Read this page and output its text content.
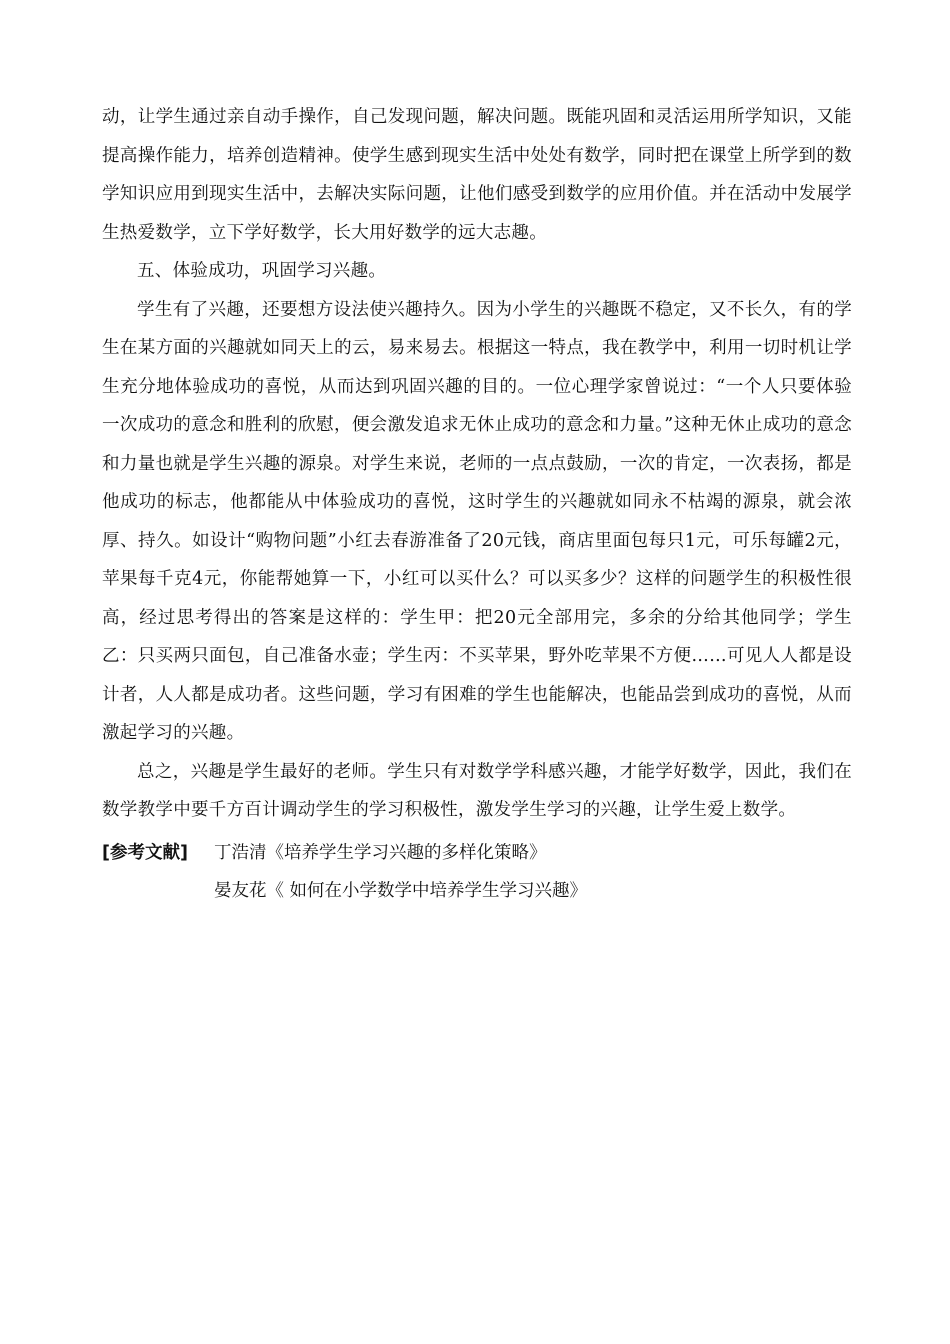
动，让学生通过亲自动手操作，自己发现问题，解决问题。既能巩固和灵活运用所学知识，又能提高操作能力，培养创造精神。使学生感到现实生活中处处有数学，同时把在课堂上所学到的数学知识应用到现实生活中，去解决实际问题，让他们感受到数学的应用价值。并在活动中发展学生热爱数学，立下学好数学，长大用好数学的远大志趣。

五、体验成功，巩固学习兴趣。

学生有了兴趣，还要想方设法使兴趣持久。因为小学生的兴趣既不稳定，又不长久，有的学生在某方面的兴趣就如同天上的云，易来易去。根据这一特点，我在教学中，利用一切时机让学生充分地体验成功的喜悦，从而达到巩固兴趣的目的。一位心理学家曾说过：“一个人只要体验一次成功的意念和胜利的欣慰，便会激发追求无休止成功的意念和力量。”这种无休止成功的意念和力量也就是学生兴趣的源泉。对学生来说，老师的一点点鼓励，一次的肯定，一次表扬，都是他成功的标志，他都能从中体验成功的喜悦，这时学生的兴趣就如同永不枯竭的源泉，就会浓厚、持久。如设计“购物问题”小红去春游准备了20元钱，商店里面包每只1元，可乐每罐2元，苹果每千克4元，你能帮她算一下，小红可以买什么？可以买多少？这样的问题学生的积极性很高，经过思考得出的答案是这样的：学生甲：把20元全部用完，多余的分给其他同学；学生乙：只买两只面包，自己准备水壶；学生丙：不买苹果，野外吃苹果不方便……可见人人都是设计者，人人都是成功者。这些问题，学习有困难的学生也能解决，也能品尝到成功的喜悦，从而激起学习的兴趣。

总之，兴趣是学生最好的老师。学生只有对数学学科感兴趣，才能学好数学，因此，我们在数学教学中要千方百计调动学生的学习积极性，激发学生学习的兴趣，让学生爱上数学。

[参考文献]	丁浩清《培养学生学习兴趣的多样化策略》
晏友花《 如何在小学数学中培养学生学习兴趣》
